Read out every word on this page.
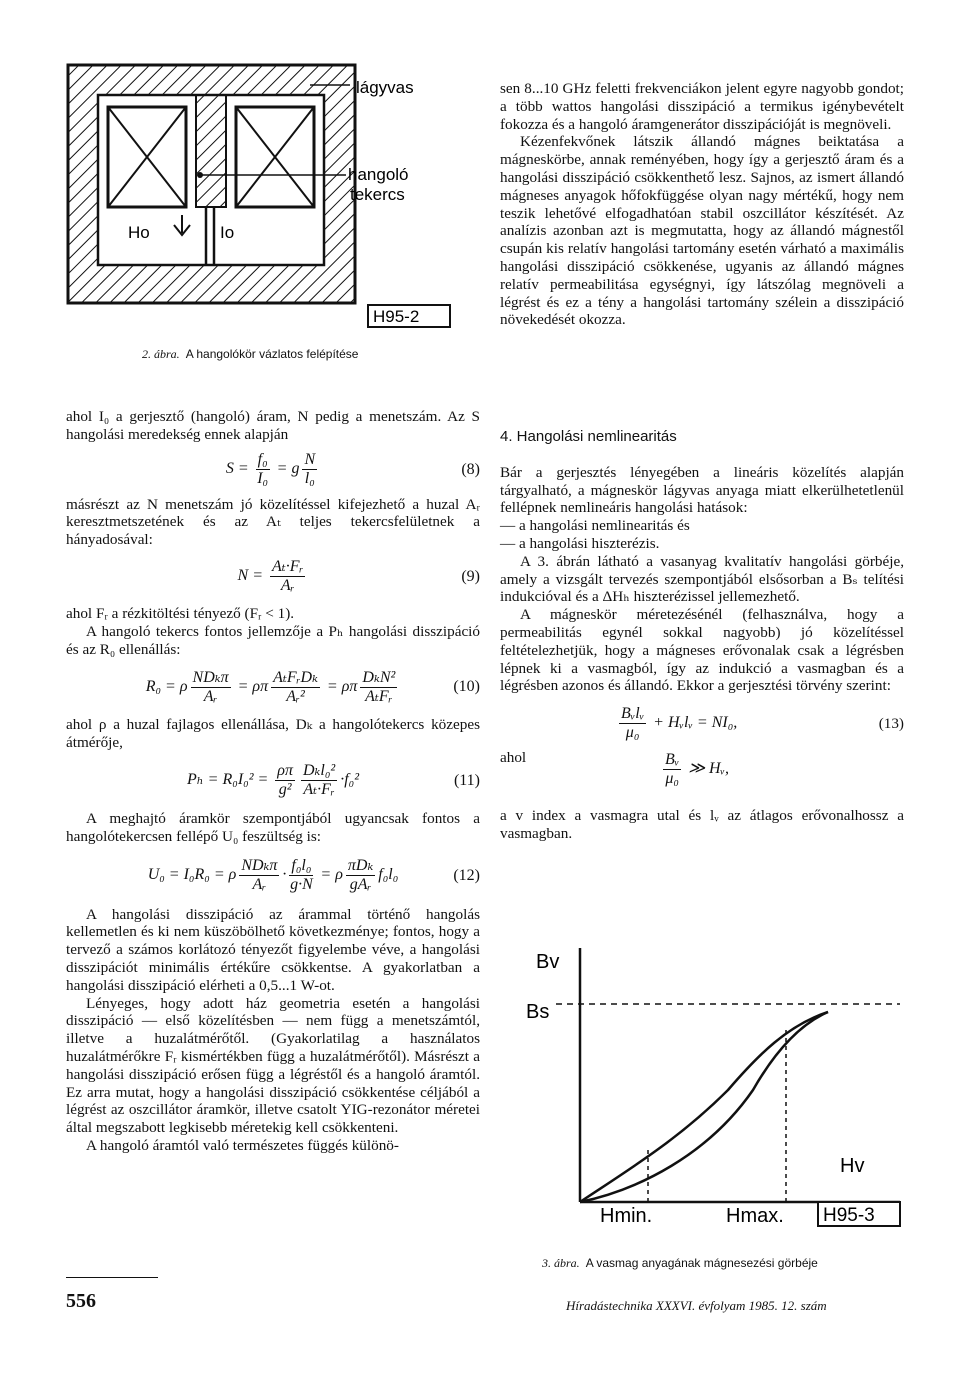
lágyvas
hangoló
tekercs
Ho	Io
H95-2
2. ábra. A hangolókör vázlatos felépítése

sen 8...10 GHz feletti frekvenciákon jelent egyre nagyobb gondot; a több wattos hangolási disszipáció a termikus igénybevételt fokozza és a hangoló áramgenerátor disszipációját is megnöveli.

Kézenfekvőnek látszik állandó mágnes beiktatása a mágneskörbe, annak reményében, hogy így a gerjesztő áram és a hangolási disszipáció csökkenthető lesz. Sajnos, az ismert állandó mágneses anyagok hőfokfüggése olyan nagy mértékű, hogy nem teszik lehetővé elfogadhatóan stabil oszcillátor készítését. Az analízis azonban azt is megmutatta, hogy az állandó mágnestől csupán kis relatív hangolási tartomány esetén várható a maximális hangolási disszipáció csökkenése, ugyanis az állandó mágnes relatív permeabilitása egységnyi, így látszólag megnöveli a légrést és ez a tény a hangolási tartomány szélein a disszipáció növekedését okozza.

ahol I₀ a gerjesztő (hangoló) áram, N pedig a menetszám. Az S hangolási meredekség ennek alapján

$S = \frac{\text{f₀}}{\text{I₀}} = g \frac{N}{\text{l₀}}$	(8)

másrészt az N menetszám jó közelítéssel kifejezhető a huzal Aᵣ keresztmetszetének és az Aₜ teljes tekercsfelületnek a hányadosával:

$N = \frac{\text{Aₜ·Fᵣ}}{\text{Aᵣ}}$	(9)

ahol Fᵣ a rézkitöltési tényező (Fᵣ < 1).

A hangoló tekercs fontos jellemzője a Pₕ hangolási disszipáció és az R₀ ellenállás:

R₀ = ρ $\frac{\text{NDₖπ}}{\text{Aᵣ}} = \rho\pi \frac{\text{AₜFᵣDₖ}}{\text{Aᵣ²}} = \rho\pi \frac{\text{DₖN²}}{\text{AₜFᵣ}}$	(10)

ahol ρ a huzal fajlagos ellenállása, Dₖ a hangolótekercs közepes átmérője,

$P_h = R_0I_0^2 = \frac{\rho\pi}{\text{g²}} \frac{\text{Dₖl₀²}}{\text{Aₜ·Fᵣ}} \cdot f_0^2$	(11)

A meghajtó áramkör szempontjából ugyancsak fontos a hangolótekercsen fellépő U₀ feszültség is:

U₀ = I₀R₀ = ρ $\frac{\text{NDₖπ}}{\text{Aᵣ}} \cdot \frac{\text{f₀l₀}}{g\cdot N} = \rho \frac{\text{πDₖ}}{\text{gAᵣ}} f_0l_0$	(12)

A hangolási disszipáció az árammal történő hangolás kellemetlen és ki nem küszöbölhető következménye; fontos, hogy a tervező a számos korlátozó tényezőt figyelembe véve, a hangolási disszipációt minimális értékűre csökkentse. A gyakorlatban a hangolási disszipáció elérheti a 0,5...1 W-ot.

Lényeges, hogy adott ház geometria esetén a hangolási disszipáció — első közelítésben — nem függ a menetszámtól, illetve a huzalátmérőtől. (Gyakorlatilag a használatos huzalátmérőkre Fᵣ kismértékben függ a huzalátmérőtől). Másrészt a hangolási disszipáció erősen függ a légréstől és a hangoló áramtól. Ez arra mutat, hogy a hangolási disszipáció csökkentése céljából a légrést az oszcillátor áramkör, illetve csatolt YIG-rezonátor méretei által megszabott legkisebb méretekig kell csökkenteni.

A hangoló áramtól való természetes függés különö-

556

4. Hangolási nemlinearitás

Bár a gerjesztés lényegében a lineáris közelítés alapján tárgyalható, a mágneskör lágyvas anyaga miatt elkerülhetetlenül fellépnek nemlineáris hangolási hatások:

— a hangolási nemlinearitás és

— a hangolási hiszterézis.

A 3. ábrán látható a vasanyag kvalitatív hangolási görbéje, amely a vizsgált tervezés szempontjából elsősorban a Bₛ telítési indukcióval és a ΔHₕ hiszterézissel jellemezhető.

A mágneskör méretezésénél (felhasználva, hogy a permeabilitás egynél sokkal nagyobb) jó közelítéssel feltételezhetjük, hogy a mágneses erővonalak csak a légrésben lépnek ki a vasmagból, így az indukció a vasmagban és a légrésben azonos és állandó. Ekkor a gerjesztési törvény szerint:

$\frac{\text{Bᵥlᵥ}}{\text{μ₀}}$ + Hᵥlᵥ = NI₀,	(13)
ahol	$\frac{\text{Bᵥ}}{\text{μ₀}}$ ≫ Hᵥ,

a v index a vasmagra utal és lᵥ az átlagos erővonalhossz a vasmagban.

Bv
Bs
Hv
Hmin.	Hmax. H95-3
3. ábra. A vasmag anyagának mágnesezési görbéje
Híradástechnika XXXVI. évfolyam 1985. 12. szám
